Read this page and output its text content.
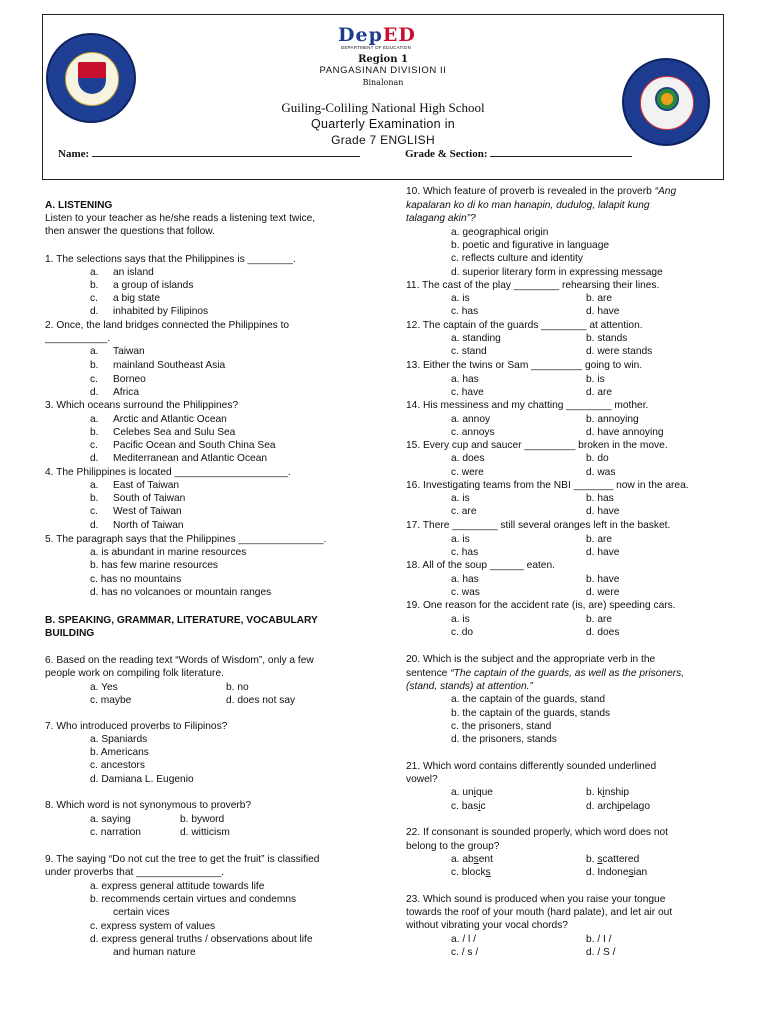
DepED
DEPARTMENT OF EDUCATION
Region 1
PANGASINAN DIVISION II
Binalonan
Guiling-Coliling National High School
Quarterly Examination in
Grade 7 ENGLISH
Name:	Grade & Section:
A. LISTENING
Listen to your teacher as he/she reads a listening text twice,
then answer the questions that follow.
1. The selections says that the Philippines is ________.
a. an island
b. a group of islands
c. a big state
d. inhabited by Filipinos
2. Once, the land bridges connected the Philippines to
___________.
a. Taiwan
b. mainland Southeast Asia
c. Borneo
d. Africa
3. Which oceans surround the Philippines?
a. Arctic and Atlantic Ocean
b. Celebes Sea and Sulu Sea
c. Pacific Ocean and South China Sea
d. Mediterranean and Atlantic Ocean
4. The Philippines is located ____________________.
a. East of Taiwan
b. South of Taiwan
c. West of Taiwan
d. North of Taiwan
5. The paragraph says that the Philippines _______________.
a. is abundant in marine resources
b. has few marine resources
c. has no mountains
d. has no volcanoes or mountain ranges
B. SPEAKING, GRAMMAR, LITERATURE, VOCABULARY
BUILDING
6. Based on the reading text “Words of Wisdom”, only a few
people work on compiling folk literature.
a. Yes	b. no
c. maybe	d. does not say
7. Who introduced proverbs to Filipinos?
a. Spaniards
b. Americans
c. ancestors
d. Damiana L. Eugenio
8. Which word is not synonymous to proverb?
a. saying	b. byword
c. narration	d. witticism
9. The saying “Do not cut the tree to get the fruit” is classified
under proverbs that _______________.
a. express general attitude towards life
b. recommends certain virtues and condemns
certain vices
c. express system of values
d. express general truths / observations about life
and human nature
10. Which feature of proverb is revealed in the proverb “Ang
kapalaran ko di ko man hanapin, dudulog, lalapit kung
talagang akin”?
a. geographical origin
b. poetic and figurative in language
c. reflects culture and identity
d. superior literary form in expressing message
11. The cast of the play ________ rehearsing their lines.
a. is	b. are
c. has	d. have
12. The captain of the guards ________ at attention.
a. standing	b. stands
c. stand	d. were stands
13. Either the twins or Sam _________ going to win.
a. has	b. is
c. have	d. are
14. His messiness and my chatting ________ mother.
a. annoy	b. annoying
c. annoys	d. have annoying
15. Every cup and saucer _________ broken in the move.
a. does	b. do
c. were	d. was
16. Investigating teams from the NBI _______ now in the area.
a. is	b. has
c. are	d. have
17. There ________ still several oranges left in the basket.
a. is	b. are
c. has	d. have
18. All of the soup ______ eaten.
a. has	b. have
c. was	d. were
19. One reason for the accident rate (is, are) speeding cars.
a. is	b. are
c. do	d. does
20. Which is the subject and the appropriate verb in the
sentence “The captain of the guards, as well as the prisoners,
(stand, stands) at attention.”
a. the captain of the guards, stand
b. the captain of the guards, stands
c. the prisoners, stand
d. the prisoners, stands
21. Which word contains differently sounded underlined
vowel?
a. unique	b. kinship
c. basic	d. archipelago
22. If consonant is sounded properly, which word does not
belong to the group?
a. absent	b. scattered
c. blocks	d. Indonesian
23. Which sound is produced when you raise your tongue
towards the roof of your mouth (hard palate), and let air out
without vibrating your vocal chords?
a. / l /	b. / I /
c. / s /	d. / S /
